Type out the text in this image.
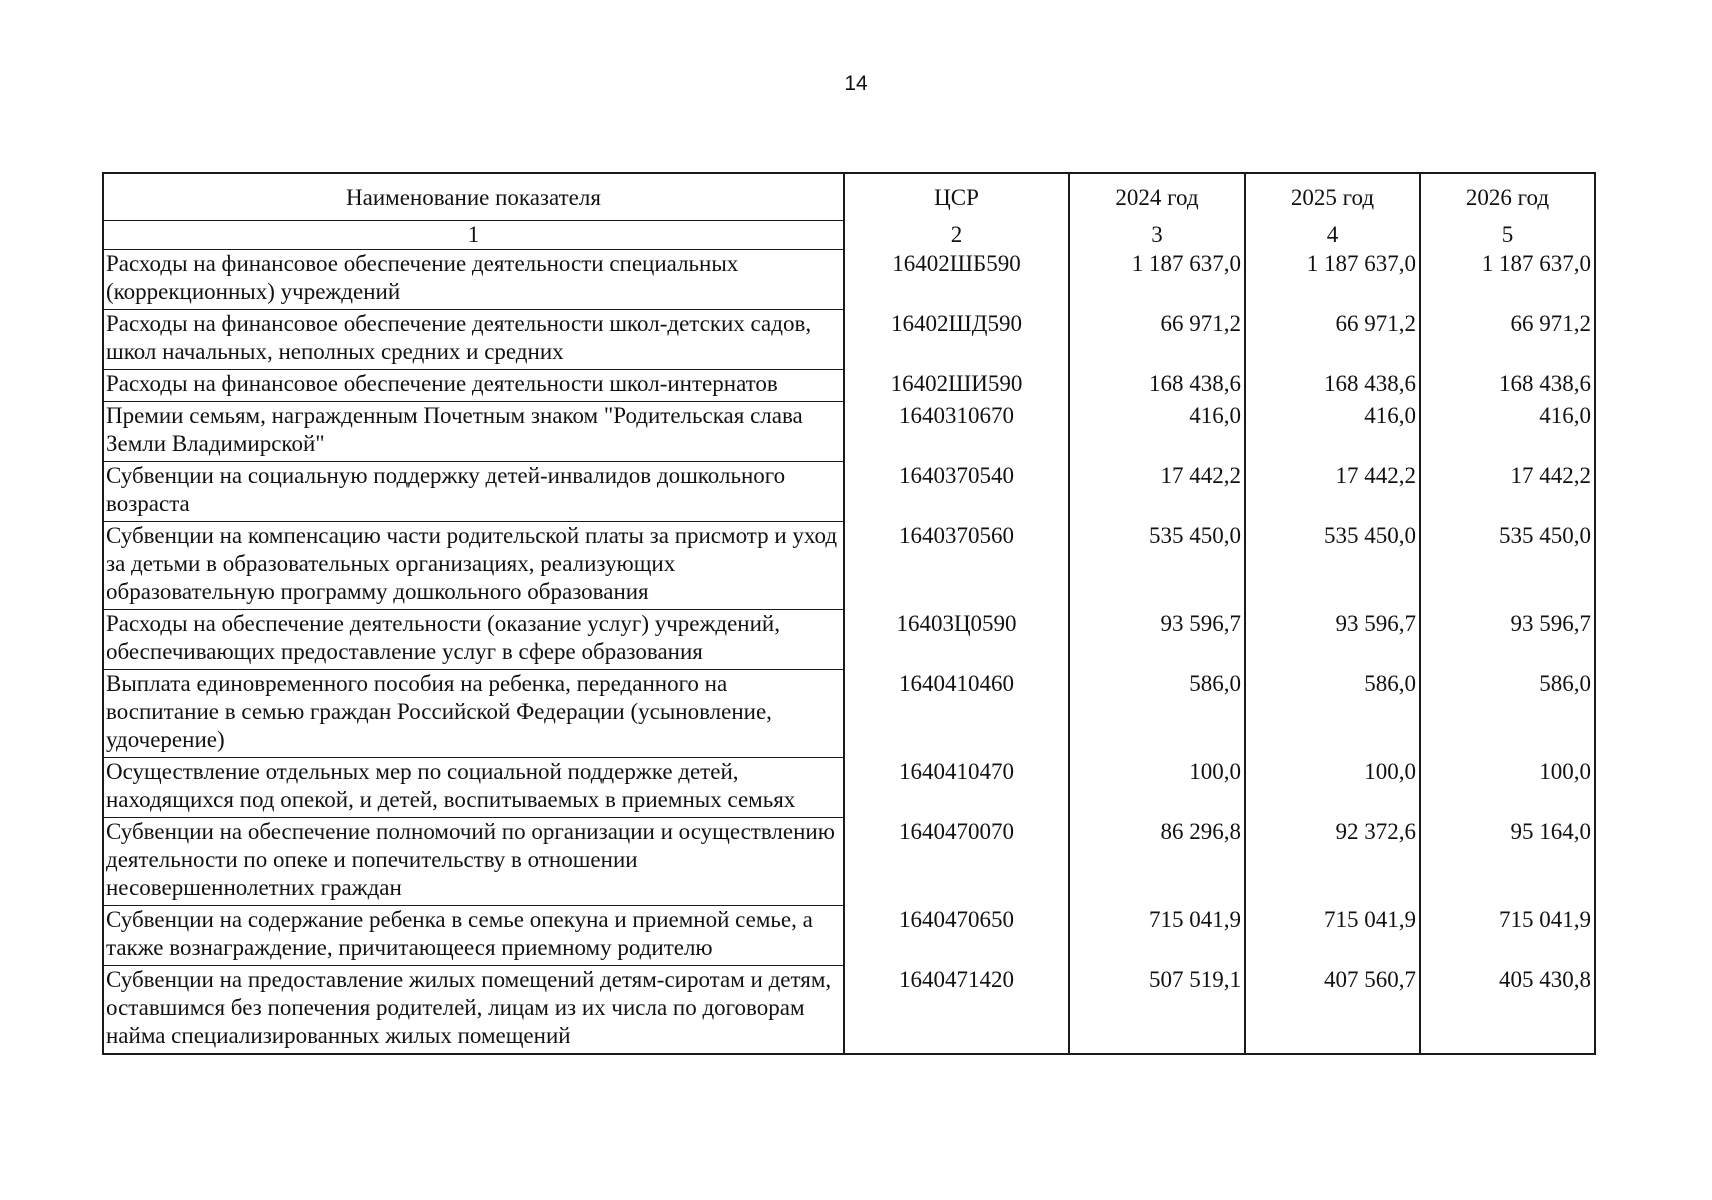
14
Наименование показателя	ЦСР	2024 год	2025 год	2026 год
1	2	3	4	5
Расходы на финансовое обеспечение деятельности специальных (коррекционных) учреждений	16402ШБ590	1 187 637,0	1 187 637,0	1 187 637,0
Расходы на финансовое обеспечение деятельности школ-детских садов, школ начальных, неполных средних и средних	16402ШД590	66 971,2	66 971,2	66 971,2
Расходы на финансовое обеспечение деятельности школ-интернатов	16402ШИ590	168 438,6	168 438,6	168 438,6
Премии семьям, награжденным Почетным знаком "Родительская слава Земли Владимирской"	1640310670	416,0	416,0	416,0
Субвенции на социальную поддержку детей-инвалидов дошкольного возраста	1640370540	17 442,2	17 442,2	17 442,2
Субвенции на компенсацию части родительской платы за присмотр и уход за детьми в образовательных организациях, реализующих образовательную программу дошкольного образования	1640370560	535 450,0	535 450,0	535 450,0
Расходы на обеспечение деятельности (оказание услуг) учреждений, обеспечивающих предоставление услуг в сфере образования	16403Ц0590	93 596,7	93 596,7	93 596,7
Выплата единовременного пособия на ребенка, переданного на воспитание в семью граждан Российской Федерации (усыновление, удочерение)	1640410460	586,0	586,0	586,0
Осуществление отдельных мер по социальной поддержке детей, находящихся под опекой, и детей, воспитываемых в приемных семьях	1640410470	100,0	100,0	100,0
Субвенции на обеспечение полномочий по организации и осуществлению деятельности по опеке и попечительству в отношении несовершеннолетних граждан	1640470070	86 296,8	92 372,6	95 164,0
Субвенции на содержание ребенка в семье опекуна и приемной семье, а также вознаграждение, причитающееся приемному родителю	1640470650	715 041,9	715 041,9	715 041,9
Субвенции на предоставление жилых помещений детям-сиротам и детям, оставшимся без попечения родителей, лицам из их числа по договорам найма специализированных жилых помещений	1640471420	507 519,1	407 560,7	405 430,8
